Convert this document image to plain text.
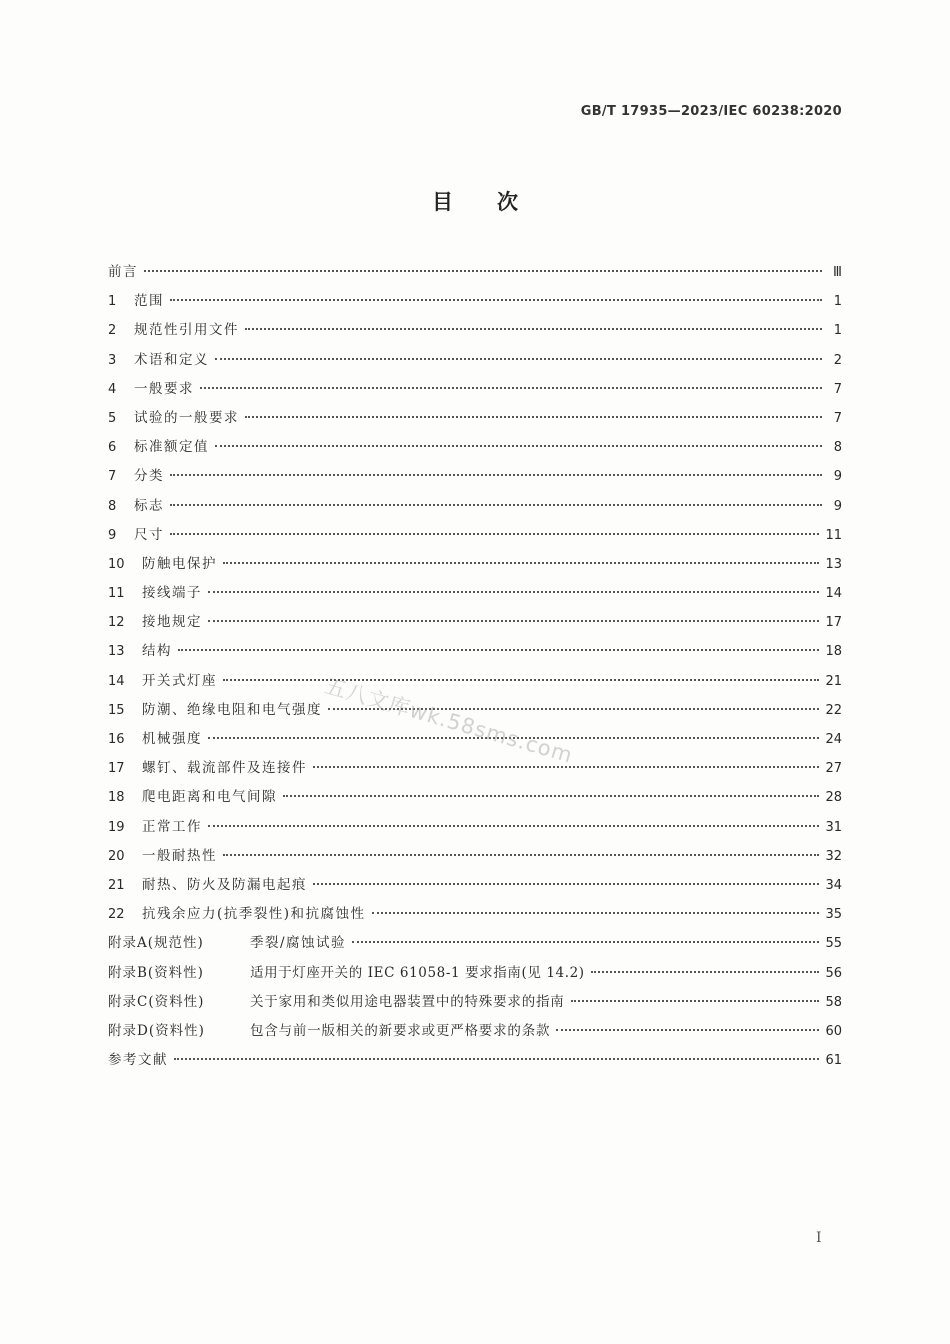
GB/T 17935—2023/IEC 60238:2020
目次
前言	Ⅲ
1	范围	1
2	规范性引用文件	1
3	术语和定义	2
4	一般要求	7
5	试验的一般要求	7
6	标准额定值	8
7	分类	9
8	标志	9
9	尺寸	11
10	防触电保护	13
11	接线端子	14
12	接地规定	17
13	结构	18
14	开关式灯座	21
15	防潮、绝缘电阻和电气强度	22
16	机械强度	24
17	螺钉、载流部件及连接件	27
18	爬电距离和电气间隙	28
19	正常工作	31
20	一般耐热性	32
21	耐热、防火及防漏电起痕	34
22	抗残余应力(抗季裂性)和抗腐蚀性	35
附录A(规范性)	季裂/腐蚀试验	55
附录B(资料性)	适用于灯座开关的 IEC 61058-1 要求指南(见 14.2)	56
附录C(资料性)	关于家用和类似用途电器装置中的特殊要求的指南	58
附录D(资料性)	包含与前一版相关的新要求或更严格要求的条款	60
参考文献	61
五八文库wk.58sms.com
I
